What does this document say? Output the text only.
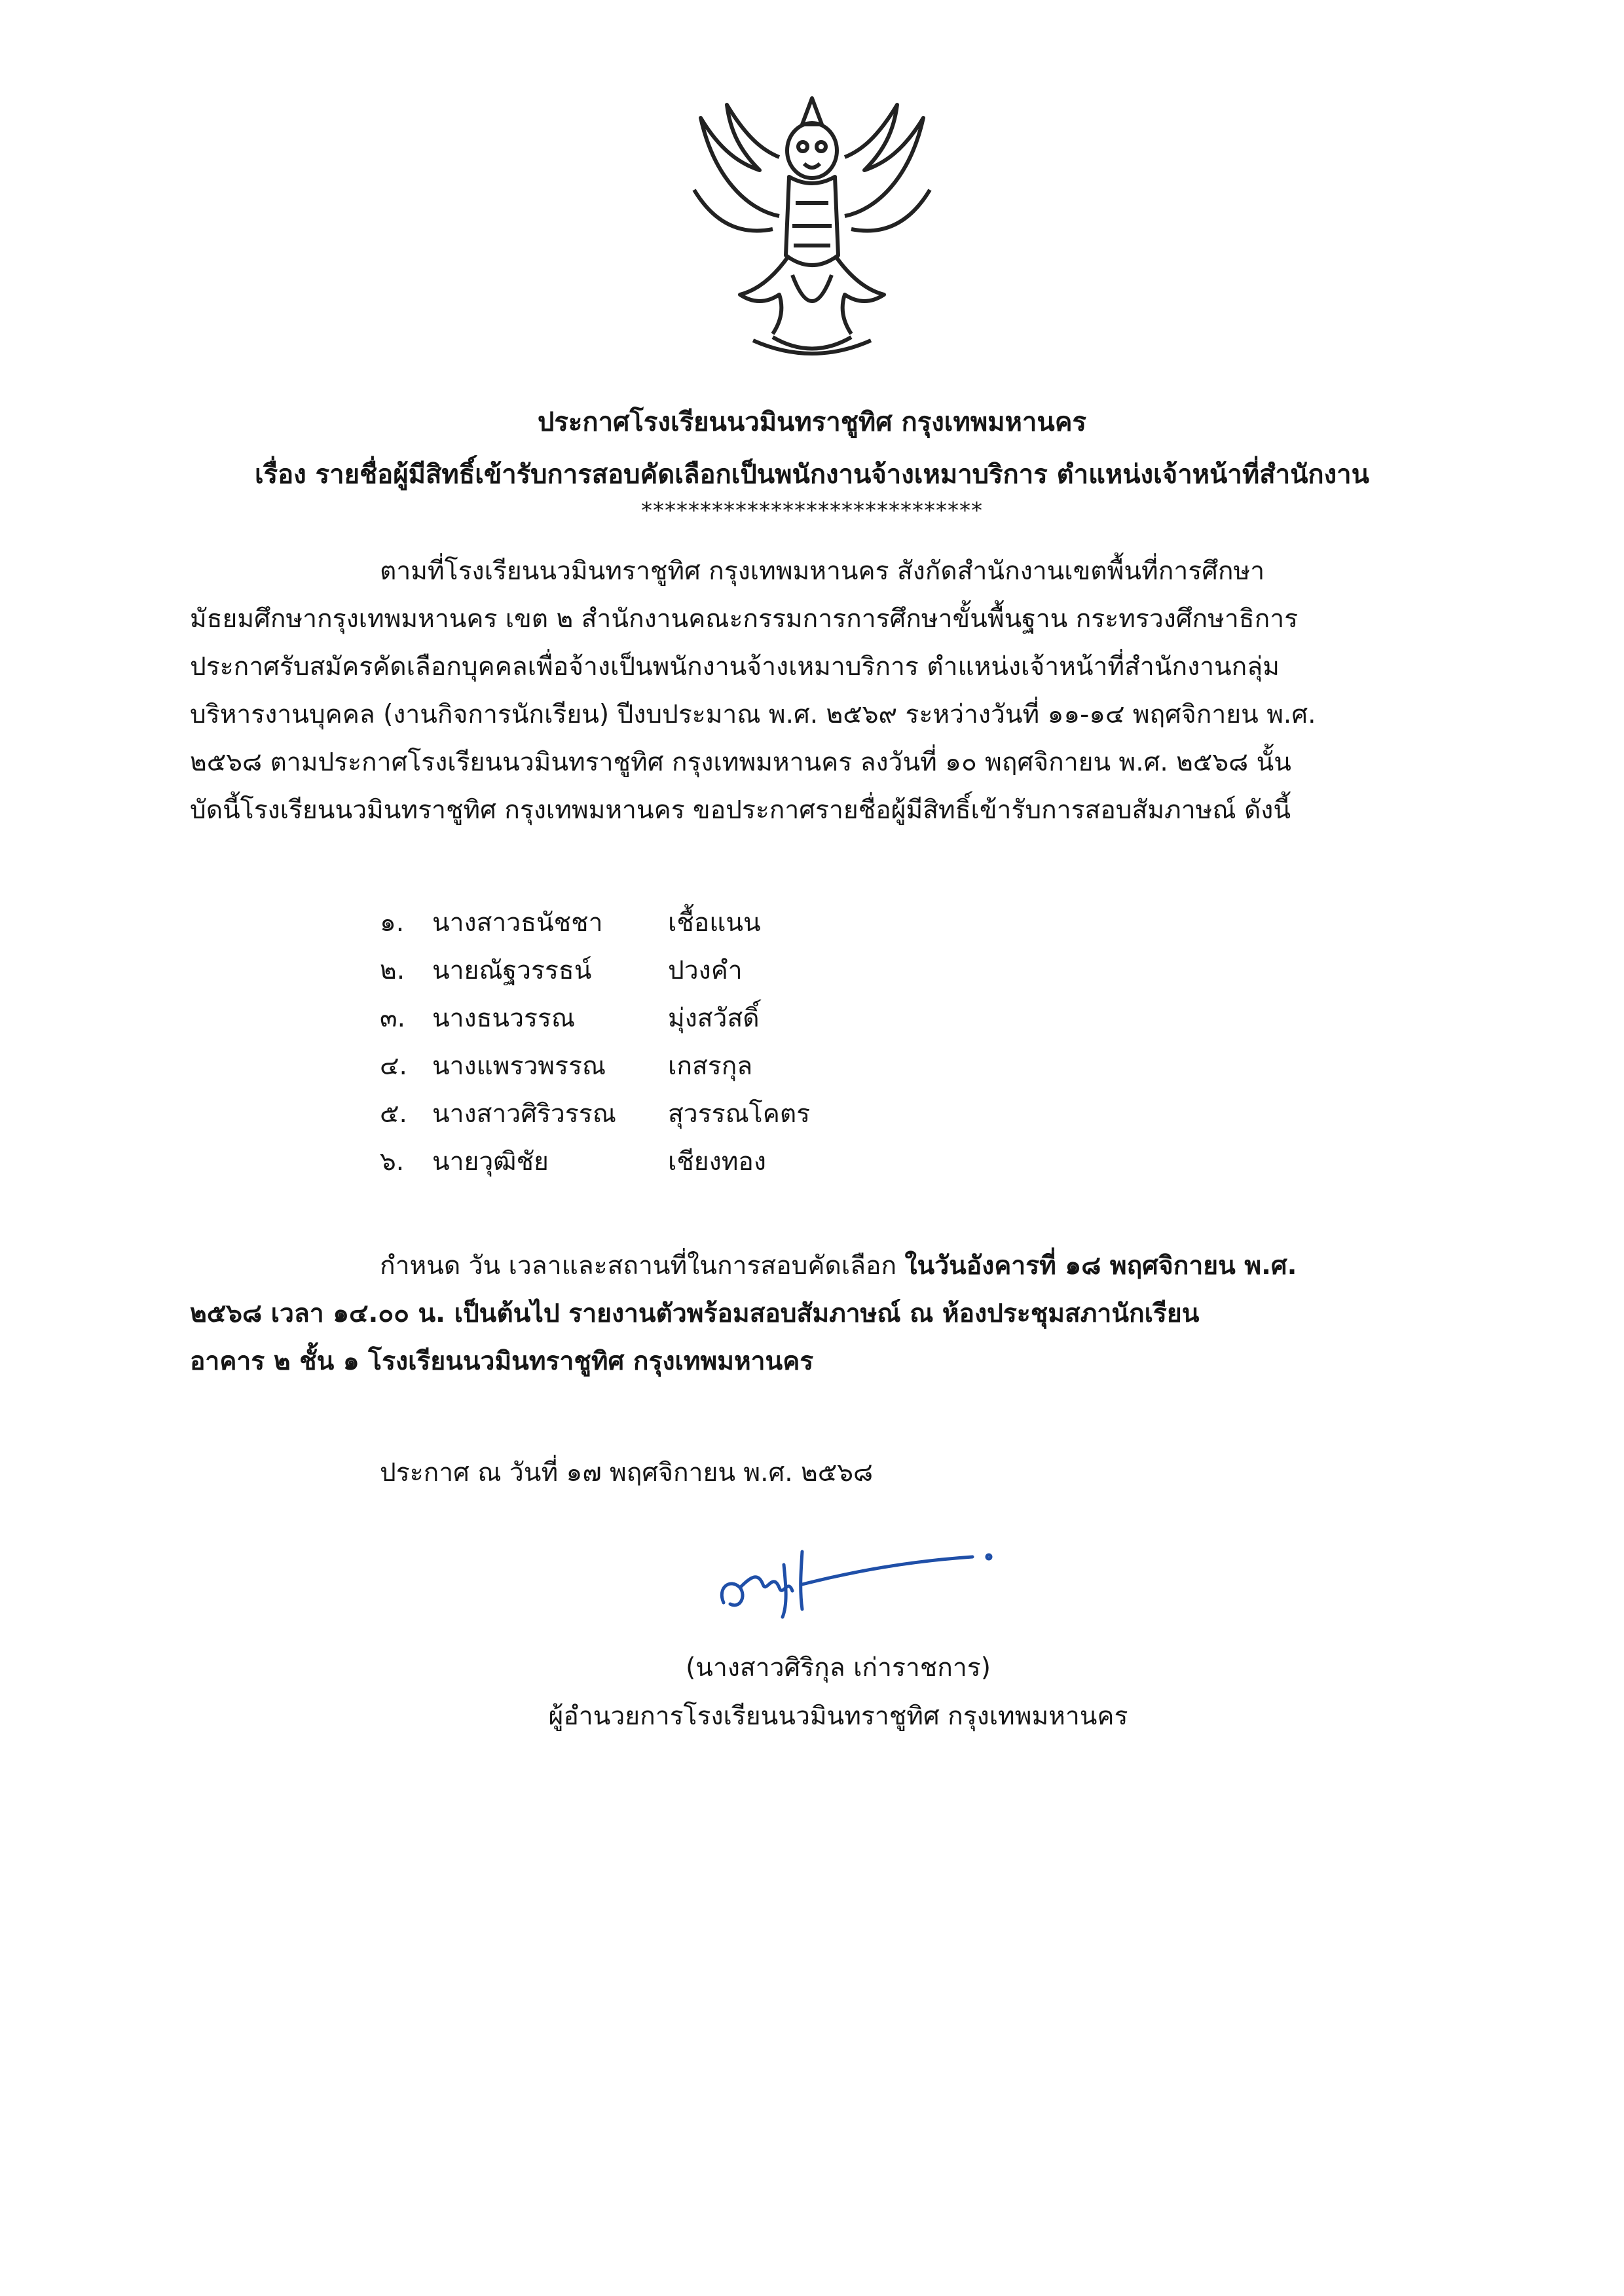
ประกาศโรงเรียนนวมินทราชูทิศ กรุงเทพมหานคร
เรื่อง รายชื่อผู้มีสิทธิ์เข้ารับการสอบคัดเลือกเป็นพนักงานจ้างเหมาบริการ ตำแหน่งเจ้าหน้าที่สำนักงาน
*****************************
ตามที่โรงเรียนนวมินทราชูทิศ กรุงเทพมหานคร สังกัดสำนักงานเขตพื้นที่การศึกษา
มัธยมศึกษากรุงเทพมหานคร เขต ๒ สำนักงานคณะกรรมการการศึกษาขั้นพื้นฐาน กระทรวงศึกษาธิการ
ประกาศรับสมัครคัดเลือกบุคคลเพื่อจ้างเป็นพนักงานจ้างเหมาบริการ ตำแหน่งเจ้าหน้าที่สำนักงานกลุ่ม
บริหารงานบุคคล (งานกิจการนักเรียน) ปีงบประมาณ พ.ศ. ๒๕๖๙ ระหว่างวันที่ ๑๑-๑๔ พฤศจิกายน พ.ศ.
๒๕๖๘ ตามประกาศโรงเรียนนวมินทราชูทิศ กรุงเทพมหานคร ลงวันที่ ๑๐ พฤศจิกายน พ.ศ. ๒๕๖๘ นั้น
บัดนี้โรงเรียนนวมินทราชูทิศ กรุงเทพมหานคร ขอประกาศรายชื่อผู้มีสิทธิ์เข้ารับการสอบสัมภาษณ์ ดังนี้
๑.	นางสาวธนัชชา	เชื้อแนน
๒.	นายณัฐวรรธน์	ปวงคำ
๓.	นางธนวรรณ	มุ่งสวัสดิ์
๔. นางแพรวพรรณ	เกสรกุล
๕. นางสาวศิริวรรณ	สุวรรณโคตร
๖.	นายวุฒิชัย	เชียงทอง
กำหนด วัน เวลาและสถานที่ในการสอบคัดเลือก ในวันอังคารที่ ๑๘ พฤศจิกายน พ.ศ.
๒๕๖๘ เวลา ๑๔.๐๐ น. เป็นต้นไป รายงานตัวพร้อมสอบสัมภาษณ์ ณ ห้องประชุมสภานักเรียน
อาคาร ๒ ชั้น ๑ โรงเรียนนวมินทราชูทิศ กรุงเทพมหานคร
ประกาศ ณ วันที่ ๑๗ พฤศจิกายน พ.ศ. ๒๕๖๘
(นางสาวศิริกุล เก่าราชการ)
ผู้อำนวยการโรงเรียนนวมินทราชูทิศ กรุงเทพมหานคร
